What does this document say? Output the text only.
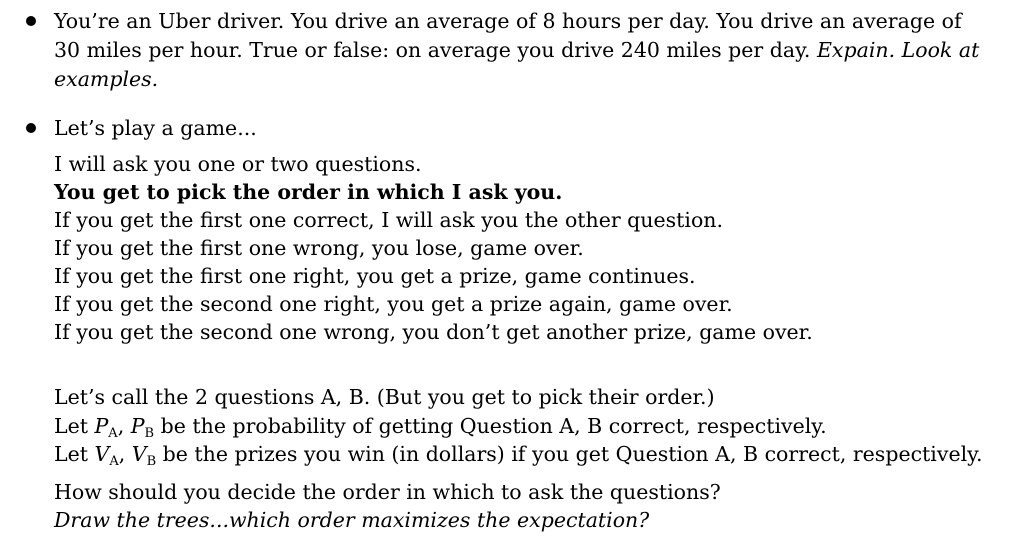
You’re an Uber driver. You drive an average of 8 hours per day. You drive an average of
30 miles per hour. True or false: on average you drive 240 miles per day. Expain. Look at
examples.
Let’s play a game...
I will ask you one or two questions.
You get to pick the order in which I ask you.
If you get the first one correct, I will ask you the other question.
If you get the first one wrong, you lose, game over.
If you get the first one right, you get a prize, game continues.
If you get the second one right, you get a prize again, game over.
If you get the second one wrong, you don’t get another prize, game over.
Let’s call the 2 questions A, B. (But you get to pick their order.)
Let $P_A$, $P_B$ be the probability of getting Question A, B correct, respectively.
Let $V_A$, $V_B$ be the prizes you win (in dollars) if you get Question A, B correct, respectively.
How should you decide the order in which to ask the questions?
Draw the trees...which order maximizes the expectation?
